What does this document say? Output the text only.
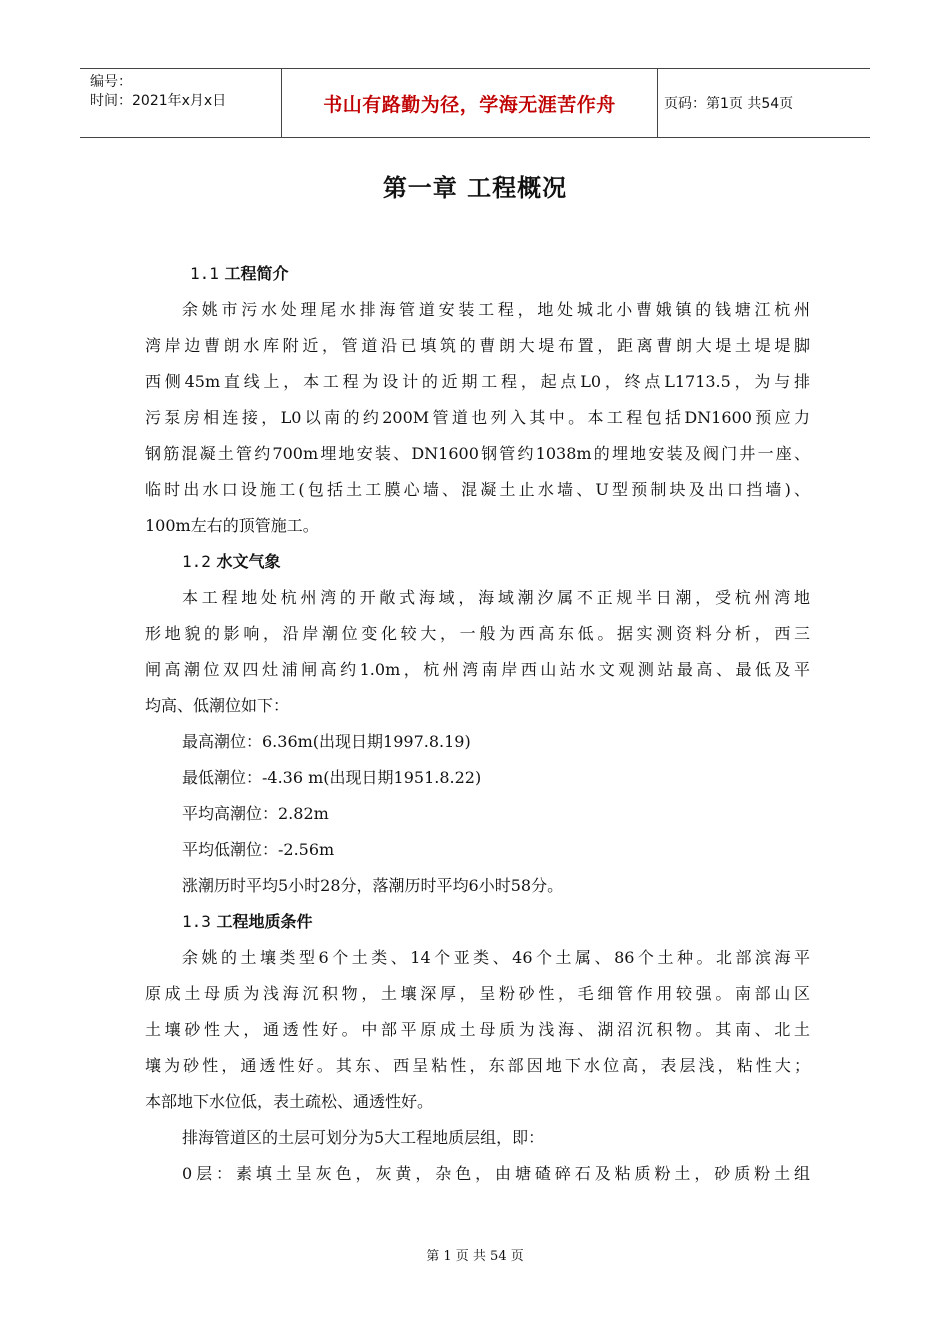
编号：
时间：2021年x月x日	书山有路勤为径，学海无涯苦作舟	页码：第1页 共54页
第一章 工程概况
1.1 工程简介
余姚市污水处理尾水排海管道安装工程，地处城北小曹娥镇的钱塘江杭州
湾岸边曹朗水库附近，管道沿已填筑的曹朗大堤布置，距离曹朗大堤土堤堤脚
西侧45m直线上，本工程为设计的近期工程，起点L0，终点L1713.5，为与排
污泵房相连接，L0以南的约200M管道也列入其中。本工程包括DN1600预应力
钢筋混凝土管约700m埋地安装、DN1600钢管约1038m的埋地安装及阀门井一座、
临时出水口设施工(包括土工膜心墙、混凝土止水墙、U型预制块及出口挡墙)、
100m左右的顶管施工。
1.2 水文气象
本工程地处杭州湾的开敞式海域，海域潮汐属不正规半日潮，受杭州湾地
形地貌的影响，沿岸潮位变化较大，一般为西高东低。据实测资料分析，西三
闸高潮位双四灶浦闸高约1.0m，杭州湾南岸西山站水文观测站最高、最低及平
均高、低潮位如下：
最高潮位：6.36m(出现日期1997.8.19)
最低潮位：-4.36 m(出现日期1951.8.22)
平均高潮位：2.82m
平均低潮位：-2.56m
涨潮历时平均5小时28分，落潮历时平均6小时58分。
1.3 工程地质条件
余姚的土壤类型6个土类、14个亚类、46个土属、86个土种。北部滨海平
原成土母质为浅海沉积物，土壤深厚，呈粉砂性，毛细管作用较强。南部山区
土壤砂性大，通透性好。中部平原成土母质为浅海、湖沼沉积物。其南、北土
壤为砂性，通透性好。其东、西呈粘性，东部因地下水位高，表层浅，粘性大；
本部地下水位低，表土疏松、通透性好。
排海管道区的土层可划分为5大工程地质层组，即：
0层：素填土呈灰色，灰黄，杂色，由塘碴碎石及粘质粉土，砂质粉土组
第 1 页 共 54 页
